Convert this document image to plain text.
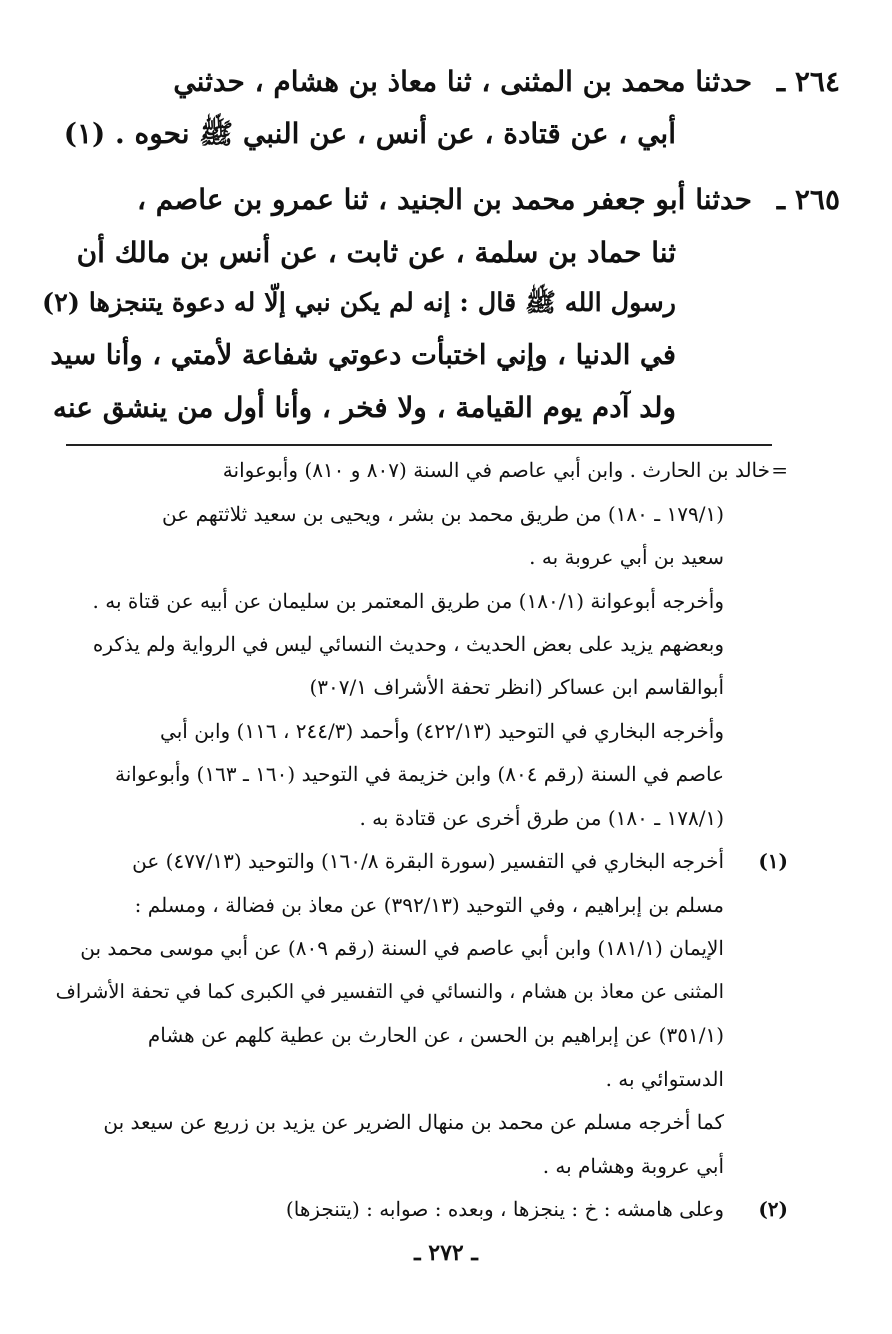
٢٦٤ ـ
حدثنا محمد بن المثنى ، ثنا معاذ بن هشام ، حدثني
أبي ، عن قتادة ، عن أنس ، عن النبي ﷺ نحوه . (١)
٢٦٥ ـ
حدثنا أبو جعفر محمد بن الجنيد ، ثنا عمرو بن عاصم ،
ثنا حماد بن سلمة ، عن ثابت ، عن أنس بن مالك أن
رسول الله ﷺ قال : إنه لم يكن نبي إلّا له دعوة يتنجزها (٢)
في الدنيا ، وإني اختبأت دعوتي شفاعة لأمتي ، وأنا سيد
ولد آدم يوم القيامة ، ولا فخر ، وأنا أول من ينشق عنه
=
خالد بن الحارث . وابن أبي عاصم في السنة (٨٠٧ و ٨١٠) وأبوعوانة
(١٧٩/١ ـ ١٨٠) من طريق محمد بن بشر ، ويحيى بن سعيد ثلاثتهم عن
سعيد بن أبي عروبة به .
وأخرجه أبوعوانة (١٨٠/١) من طريق المعتمر بن سليمان عن أبيه عن قتاة به .
وبعضهم يزيد على بعض الحديث ، وحديث النسائي ليس في الرواية ولم يذكره
أبوالقاسم ابن عساكر (انظر تحفة الأشراف ٣٠٧/١)
وأخرجه البخاري في التوحيد (٤٢٢/١٣) وأحمد (٢٤٤/٣ ، ١١٦) وابن أبي
عاصم في السنة (رقم ٨٠٤) وابن خزيمة في التوحيد (١٦٠ ـ ١٦٣) وأبوعوانة
(١٧٨/١ ـ ١٨٠) من طرق أخرى عن قتادة به .
(١)
أخرجه البخاري في التفسير (سورة البقرة ١٦٠/٨) والتوحيد (٤٧٧/١٣) عن
مسلم بن إبراهيم ، وفي التوحيد (٣٩٢/١٣) عن معاذ بن فضالة ، ومسلم :
الإيمان (١٨١/١) وابن أبي عاصم في السنة (رقم ٨٠٩) عن أبي موسى محمد بن
المثنى عن معاذ بن هشام ، والنسائي في التفسير في الكبرى كما في تحفة الأشراف
(٣٥١/١) عن إبراهيم بن الحسن ، عن الحارث بن عطية كلهم عن هشام
الدستوائي به .
كما أخرجه مسلم عن محمد بن منهال الضرير عن يزيد بن زريع عن سيعد بن
أبي عروبة وهشام به .
(٢)
وعلى هامشه : خ : ينجزها ، وبعده : صوابه : (يتنجزها)
ـ ٢٧٢ ـ
